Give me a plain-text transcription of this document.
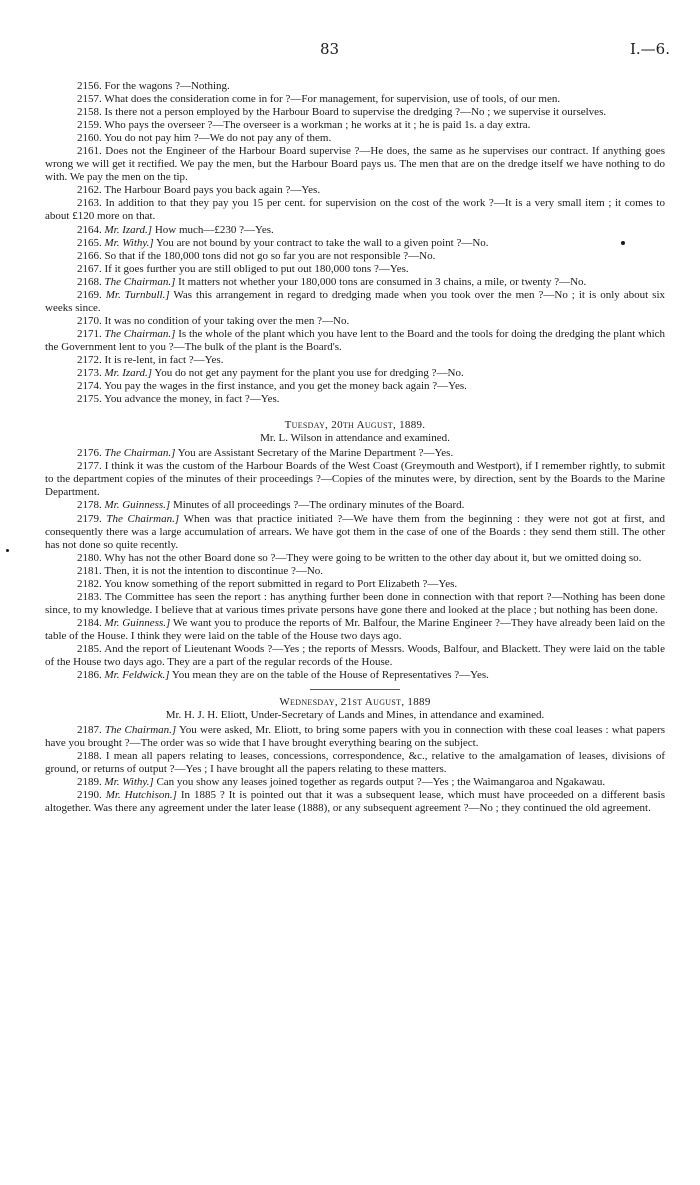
83	I.—6.

2156. For the wagons ?—Nothing.

2157. What does the consideration come in for ?—For management, for supervision, use of tools, of our men.

2158. Is there not a person employed by the Harbour Board to supervise the dredging ?—No ; we supervise it ourselves.

2159. Who pays the overseer ?—The overseer is a workman ; he works at it ; he is paid 1s. a day extra.

2160. You do not pay him ?—We do not pay any of them.

2161. Does not the Engineer of the Harbour Board supervise ?—He does, the same as he supervises our contract. If anything goes wrong we will get it rectified. We pay the men, but the Harbour Board pays us. The men that are on the dredge itself we have nothing to do with. We pay the men on the tip.

2162. The Harbour Board pays you back again ?—Yes.

2163. In addition to that they pay you 15 per cent. for supervision on the cost of the work ?—It is a very small item ; it comes to about £120 more on that.

2164. Mr. Izard.] How much—£230 ?—Yes.

2165. Mr. Withy.] You are not bound by your contract to take the wall to a given point ?—No.

2166. So that if the 180,000 tons did not go so far you are not responsible ?—No.

2167. If it goes further you are still obliged to put out 180,000 tons ?—Yes.

2168. The Chairman.] It matters not whether your 180,000 tons are consumed in 3 chains, a mile, or twenty ?—No.

2169. Mr. Turnbull.] Was this arrangement in regard to dredging made when you took over the men ?—No ; it is only about six weeks since.

2170. It was no condition of your taking over the men ?—No.

2171. The Chairman.] Is the whole of the plant which you have lent to the Board and the tools for doing the dredging the plant which the Government lent to you ?—The bulk of the plant is the Board's.

2172. It is re-lent, in fact ?—Yes.

2173. Mr. Izard.] You do not get any payment for the plant you use for dredging ?—No.

2174. You pay the wages in the first instance, and you get the money back again ?—Yes.

2175. You advance the money, in fact ?—Yes.

Tuesday, 20th August, 1889.

Mr. L. Wilson in attendance and examined.

2176. The Chairman.] You are Assistant Secretary of the Marine Department ?—Yes.

2177. I think it was the custom of the Harbour Boards of the West Coast (Greymouth and Westport), if I remember rightly, to submit to the department copies of the minutes of their proceedings ?—Copies of the minutes were, by direction, sent by the Boards to the Marine Department.

2178. Mr. Guinness.] Minutes of all proceedings ?—The ordinary minutes of the Board.

2179. The Chairman.] When was that practice initiated ?—We have them from the beginning : they were not got at first, and consequently there was a large accumulation of arrears. We have got them in the case of one of the Boards : they send them still. The other has not done so quite recently.

2180. Why has not the other Board done so ?—They were going to be written to the other day about it, but we omitted doing so.

2181. Then, it is not the intention to discontinue ?—No.

2182. You know something of the report submitted in regard to Port Elizabeth ?—Yes.

2183. The Committee has seen the report : has anything further been done in connection with that report ?—Nothing has been done since, to my knowledge. I believe that at various times private persons have gone there and looked at the place ; but nothing has been done.

2184. Mr. Guinness.] We want you to produce the reports of Mr. Balfour, the Marine Engineer ?—They have already been laid on the table of the House. I think they were laid on the table of the House two days ago.

2185. And the report of Lieutenant Woods ?—Yes ; the reports of Messrs. Woods, Balfour, and Blackett. They were laid on the table of the House two days ago. They are a part of the regular records of the House.

2186. Mr. Feldwick.] You mean they are on the table of the House of Representatives ?—Yes.

Wednesday, 21st August, 1889

Mr. H. J. H. Eliott, Under-Secretary of Lands and Mines, in attendance and examined.

2187. The Chairman.] You were asked, Mr. Eliott, to bring some papers with you in connection with these coal leases : what papers have you brought ?—The order was so wide that I have brought everything bearing on the subject.

2188. I mean all papers relating to leases, concessions, correspondence, &c., relative to the amalgamation of leases, divisions of ground, or returns of output ?—Yes ; I have brought all the papers relating to these matters.

2189. Mr. Withy.] Can you show any leases joined together as regards output ?—Yes ; the Waimangaroa and Ngakawau.

2190. Mr. Hutchison.] In 1885 ? It is pointed out that it was a subsequent lease, which must have proceeded on a different basis altogether. Was there any agreement under the later lease (1888), or any subsequent agreement ?—No ; they continued the old agreement.
